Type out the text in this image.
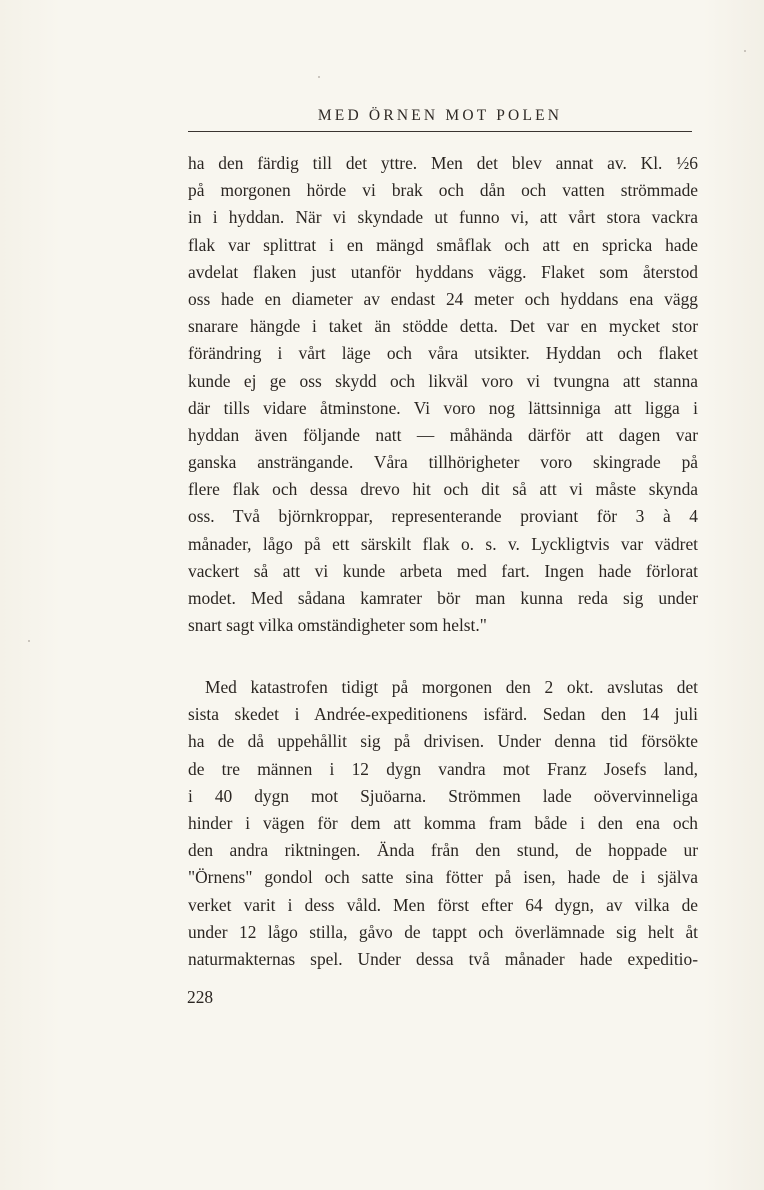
MED ÖRNEN MOT POLEN
ha den färdig till det yttre. Men det blev annat av. Kl. ½6
på morgonen hörde vi brak och dån och vatten strömmade
in i hyddan. När vi skyndade ut funno vi, att vårt stora vackra
flak var splittrat i en mängd småflak och att en spricka hade
avdelat flaken just utanför hyddans vägg. Flaket som återstod
oss hade en diameter av endast 24 meter och hyddans ena vägg
snarare hängde i taket än stödde detta. Det var en mycket stor
förändring i vårt läge och våra utsikter. Hyddan och flaket
kunde ej ge oss skydd och likväl voro vi tvungna att stanna
där tills vidare åtminstone. Vi voro nog lättsinniga att ligga i
hyddan även följande natt — måhända därför att dagen var
ganska ansträngande. Våra tillhörigheter voro skingrade på
flere flak och dessa drevo hit och dit så att vi måste skynda
oss. Två björnkroppar, representerande proviant för 3 à 4
månader, lågo på ett särskilt flak o. s. v. Lyckligtvis var vädret
vackert så att vi kunde arbeta med fart. Ingen hade förlorat
modet. Med sådana kamrater bör man kunna reda sig under
snart sagt vilka omständigheter som helst."
Med katastrofen tidigt på morgonen den 2 okt. avslutas det
sista skedet i Andrée-expeditionens isfärd. Sedan den 14 juli
ha de då uppehållit sig på drivisen. Under denna tid försökte
de tre männen i 12 dygn vandra mot Franz Josefs land,
i 40 dygn mot Sjuöarna. Strömmen lade oövervinneliga
hinder i vägen för dem att komma fram både i den ena och
den andra riktningen. Ända från den stund, de hoppade ur
"Örnens" gondol och satte sina fötter på isen, hade de i själva
verket varit i dess våld. Men först efter 64 dygn, av vilka de
under 12 lågo stilla, gåvo de tappt och överlämnade sig helt åt
naturmakternas spel. Under dessa två månader hade expeditio-
228
